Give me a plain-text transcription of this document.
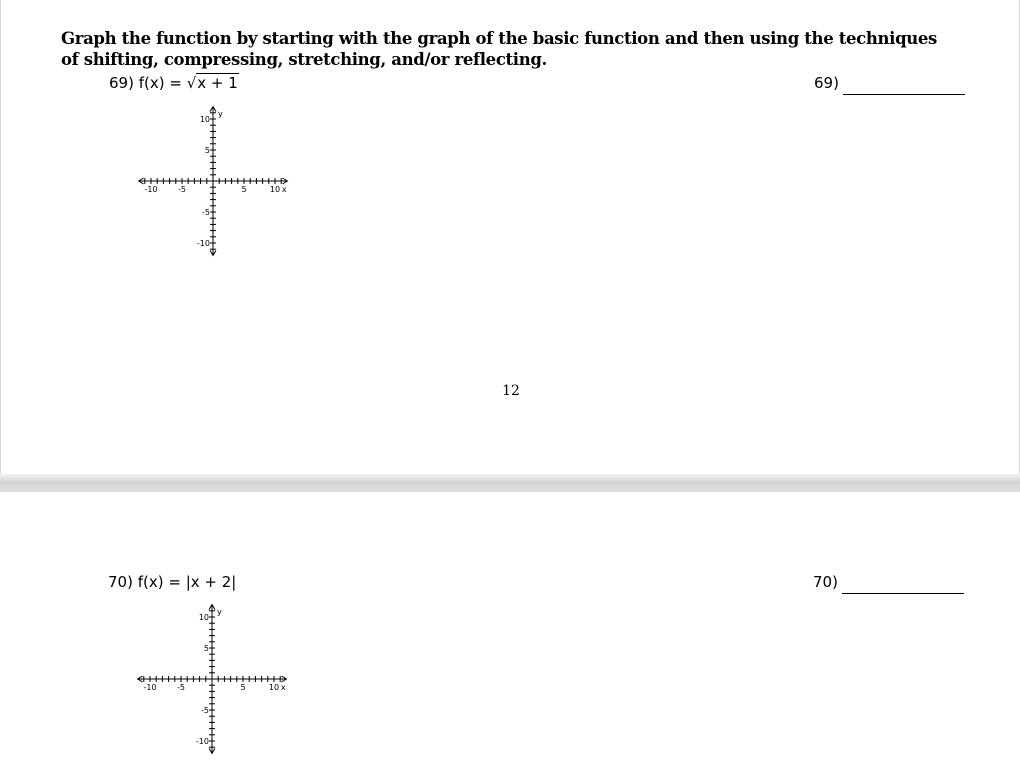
Graph the function by starting with the graph of the basic function and then using the techniques of shifting, compressing, stretching, and/or reflecting.
69) f(x) = √x + 1	69)
-10	-5	5	10 x
10
5
-5
-10
y
12
70) f(x) = |x + 2|	70)
-10	-5	5	10 x
10
5
-5
-10
y
